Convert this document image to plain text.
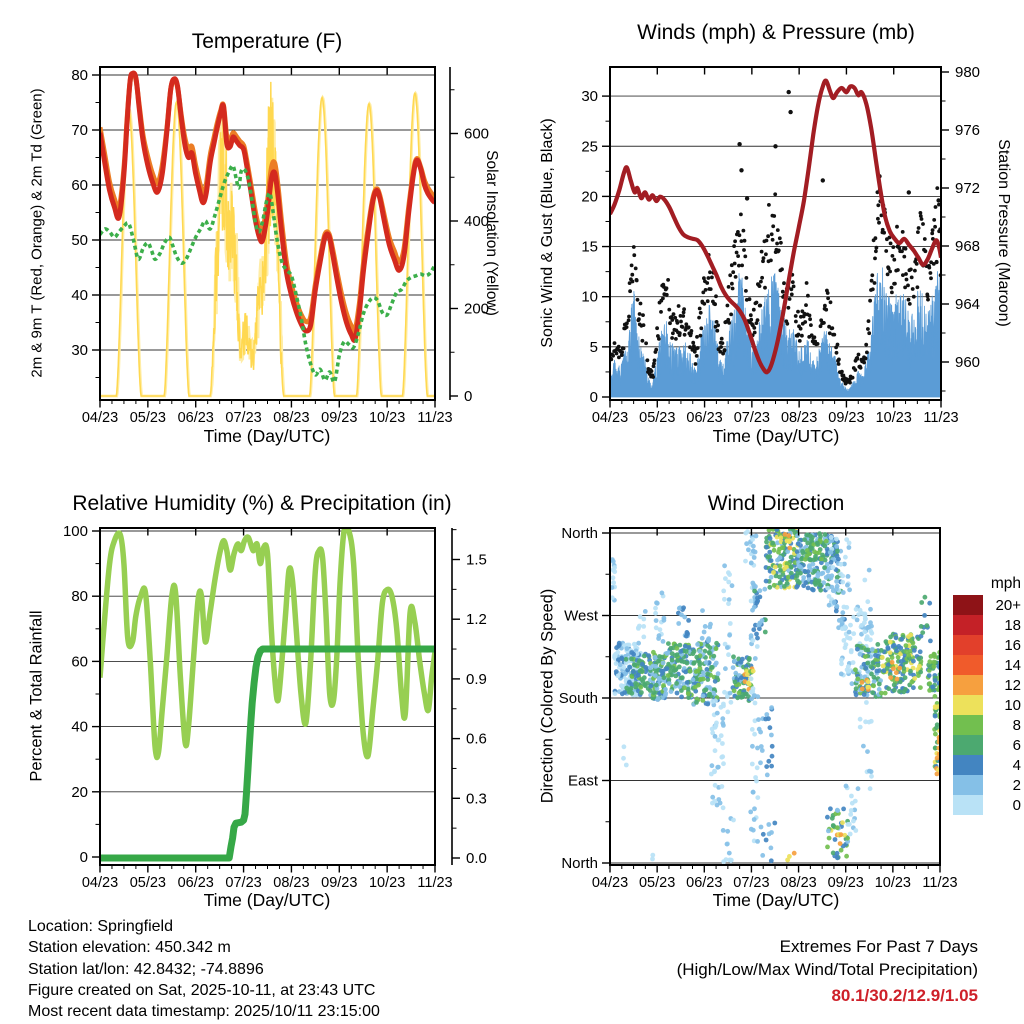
04/23 05/23 06/23 07/23 08/23 09/23 10/23 11/23
30
40
50
60
70
80
0
200
400
600
04/23 05/23 06/23 07/23 08/23 09/23 10/23 11/23
0
5
10
15
20
25
30
960
964
968
972
976
980
04/23 05/23 06/23 07/23 08/23 09/23 10/23 11/23
0
20
40
60
80
100
0.0
0.3
0.6
0.9
1.2
1.5
04/23 05/23 06/23 07/23 08/23 09/23 10/23 11/23
North
West
South
East
North
mph
20+
18
16
14
12
10
8
6
4
2
0
Temperature (F)	Winds (mph) & Pressure (mb)
Relative Humidity (%) & Precipitation (in)	Wind Direction
2m & 9m T (Red, Orange) & 2m Td (Green)	Solar Insolation (Yellow) Sonic Wind & Gust (Blue, Black)	Station Pressure (Maroon)
Percent & Total Rainfall	Direction (Colored By Speed)
Time (Day/UTC)	Time (Day/UTC)
Time (Day/UTC)	Time (Day/UTC)
Location: Springfield
Station elevation: 450.342 m
Station lat/lon: 42.8432; -74.8896
Figure created on Sat, 2025-10-11, at 23:43 UTC
Most recent data timestamp: 2025/10/11 23:15:00
Extremes For Past 7 Days
(High/Low/Max Wind/Total Precipitation)
80.1/30.2/12.9/1.05
